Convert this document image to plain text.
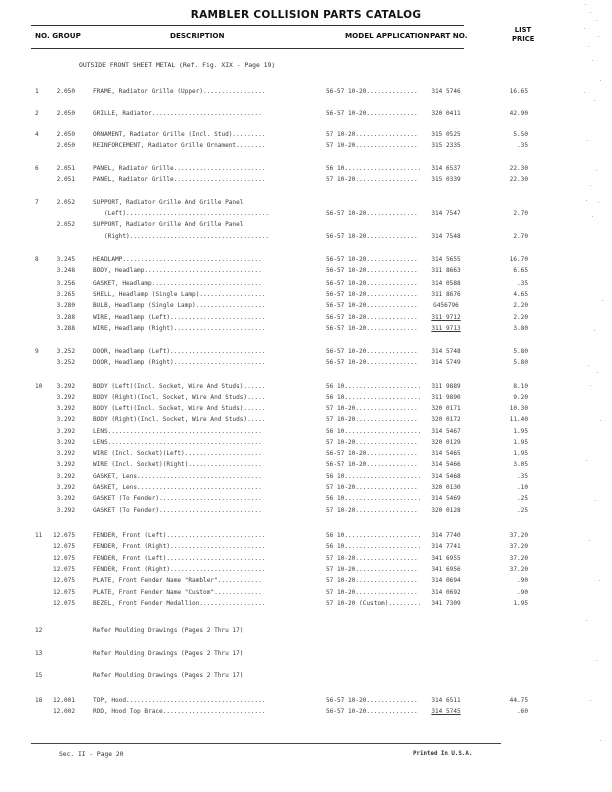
RAMBLER COLLISION PARTS CATALOG
NO. GROUP	DESCRIPTION	MODEL APPLICATION PART NO.
LIST
PRICE
OUTSIDE FRONT SHEET METAL (Ref. Fig. XIX - Page 19)
1	2.050	FRAME, Radiator Grille (Upper).................	56-57 10-20..............	314 5746	16.65
2	2.050	GRILLE, Radiator..............................	56-57 10-20..............	320 0411	42.90
4	2.050	ORNAMENT, Radiator Grille (Incl. Stud).........	57 10-20.................	315 0525	5.50
2.050	REINFORCEMENT, Radiator Grille Ornament........	57 10-20.................	315 2335	.35
6	2.051	PANEL, Radiator Grille.........................	56 10.....................	314 6537	22.30
2.051	PANEL, Radiator Grille.........................	57 10-20.................	315 0339	22.30
7	2.052	SUPPORT, Radiator Grille And Grille Panel
(Left).......................................	56-57 10-20..............	314 7547	2.70
2.052	SUPPORT, Radiator Grille And Grille Panel
(Right)......................................	56-57 10-20..............	314 7548	2.70
8	3.245	HEADLAMP......................................	56-57 10-20..............	314 5655	16.70
3.248	BODY, Headlamp................................	56-57 10-20..............	311 8663	6.65
3.256	GASKET, Headlamp..............................	56-57 10-20..............	314 0588	.35
3.265	SHELL, Headlamp (Single Lamp)..................	56-57 10-20..............	311 8676	4.65
3.280	BULB, Headlamp (Single Lamp)...................	56-57 10-20..............	G456796	2.20
3.288	WIRE, Headlamp (Left)..........................	56-57 10-20..............	311 9712	2.20
3.288	WIRE, Headlamp (Right).........................	56-57 10-20..............	311 9713	3.80
9	3.252	DOOR, Headlamp (Left)..........................	56-57 10-20..............	314 5748	5.80
3.252	DOOR, Headlamp (Right).........................	56-57 10-20..............	314 5749	5.80
10	3.292	BODY (Left)(Incl. Socket, Wire And Studs)......	56 10.....................	311 9889	8.10
3.292	BODY (Right)(Incl. Socket, Wire And Studs).....	56 10.....................	311 9890	9.20
3.292	BODY (Left)(Incl. Socket, Wire And Studs)......	57 10-20.................	320 0171	10.30
3.292	BODY (Right)(Incl. Socket, Wire And Studs).....	57 10-20.................	320 0172	11.40
3.292	LENS..........................................	56 10.....................	314 5467	1.95
3.292	LENS..........................................	57 10-20.................	320 0129	1.95
3.292	WIRE (Incl. Socket)(Left).....................	56-57 10-20..............	314 5465	1.95
3.292	WIRE (Incl. Socket)(Right)....................	56-57 10-20..............	314 5466	3.05
3.292	GASKET, Lens..................................	56 10.....................	314 5468	.35
3.292	GASKET, Lens..................................	57 10-20.................	320 0130	.10
3.292	GASKET (To Fender)............................	56 10.....................	314 5469	.25
3.292	GASKET (To Fender)............................	57 10-20.................	320 0128	.25
11	12.075	FENDER, Front (Left)...........................	56 10.....................	314 7740	37.20
12.075	FENDER, Front (Right)..........................	56 10.....................	314 7741	37.20
12.075	FENDER, Front (Left)...........................	57 10-20.................	341 6955	37.20
12.075	FENDER, Front (Right)..........................	57 10-20.................	341 6956	37.20
12.075	PLATE, Front Fender Name "Rambler"............	57 10-20.................	314 0694	.90
12.075	PLATE, Front Fender Name "Custom".............	57 10-20.................	314 0692	.90
12.075	BEZEL, Front Fender Medallion..................	57 10-20 (Custom).........	341 7309	1.95
12	Refer Moulding Drawings (Pages 2 Thru 17)
13	Refer Moulding Drawings (Pages 2 Thru 17)
15	Refer Moulding Drawings (Pages 2 Thru 17)
18	12.001	TOP, Hood......................................	56-57 10-20..............	314 6511	44.75
12.002	ROD, Hood Top Brace............................	56-57 10-20..............	314 5745	.60
Sec. II - Page 20	Printed In U.S.A.
